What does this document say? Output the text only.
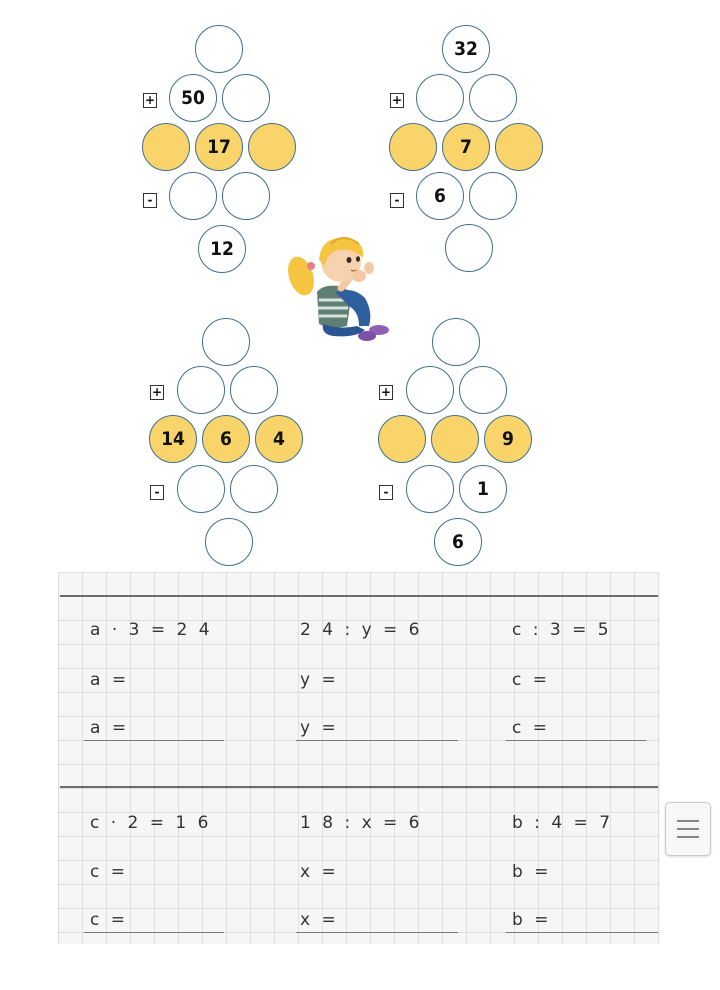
+	50
17
-
12
32
+
7
-	6
+
14	6	4
-
+
9
-	1
6
a · 3 = 2 4
a =
a =
2 4 : y = 6
y =
y =
c : 3 = 5
c =
c =
c · 2 = 1 6
c =
c =
1 8 : x = 6
x =
x =
b : 4 = 7
b =
b =
